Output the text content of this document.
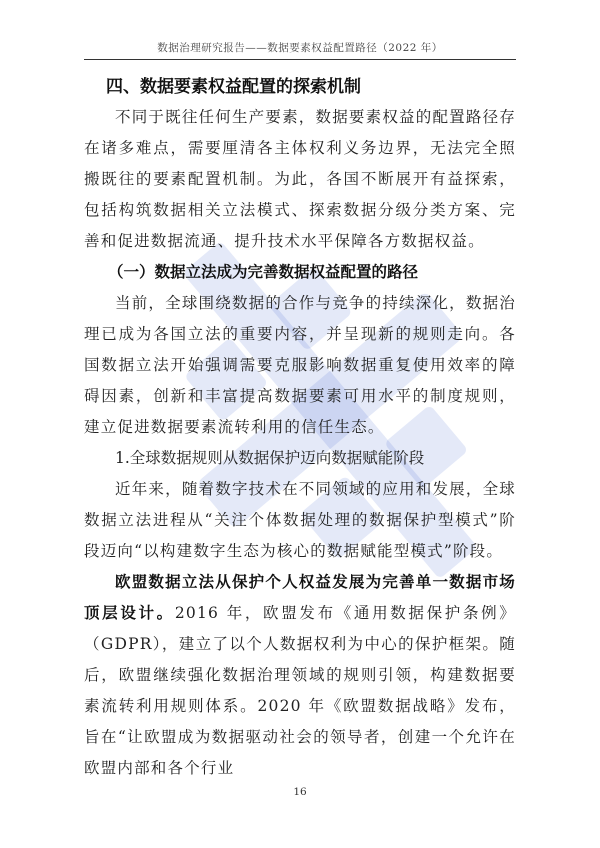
数据治理研究报告——数据要素权益配置路径（2022 年）
四、数据要素权益配置的探索机制

不同于既往任何生产要素，数据要素权益的配置路径存在诸多难点，需要厘清各主体权利义务边界，无法完全照搬既往的要素配置机制。为此，各国不断展开有益探索，包括构筑数据相关立法模式、探索数据分级分类方案、完善和促进数据流通、提升技术水平保障各方数据权益。

（一）数据立法成为完善数据权益配置的路径

当前，全球围绕数据的合作与竞争的持续深化，数据治理已成为各国立法的重要内容，并呈现新的规则走向。各国数据立法开始强调需要克服影响数据重复使用效率的障碍因素，创新和丰富提高数据要素可用水平的制度规则，建立促进数据要素流转利用的信任生态。

1.全球数据规则从数据保护迈向数据赋能阶段

近年来，随着数字技术在不同领域的应用和发展，全球数据立法进程从“关注个体数据处理的数据保护型模式”阶段迈向“以构建数字生态为核心的数据赋能型模式”阶段。

欧盟数据立法从保护个人权益发展为完善单一数据市场顶层设计。2016 年，欧盟发布《通用数据保护条例》（GDPR），建立了以个人数据权利为中心的保护框架。随后，欧盟继续强化数据治理领域的规则引领，构建数据要素流转利用规则体系。2020 年《欧盟数据战略》发布，旨在“让欧盟成为数据驱动社会的领导者，创建一个允许在欧盟内部和各个行业

16
